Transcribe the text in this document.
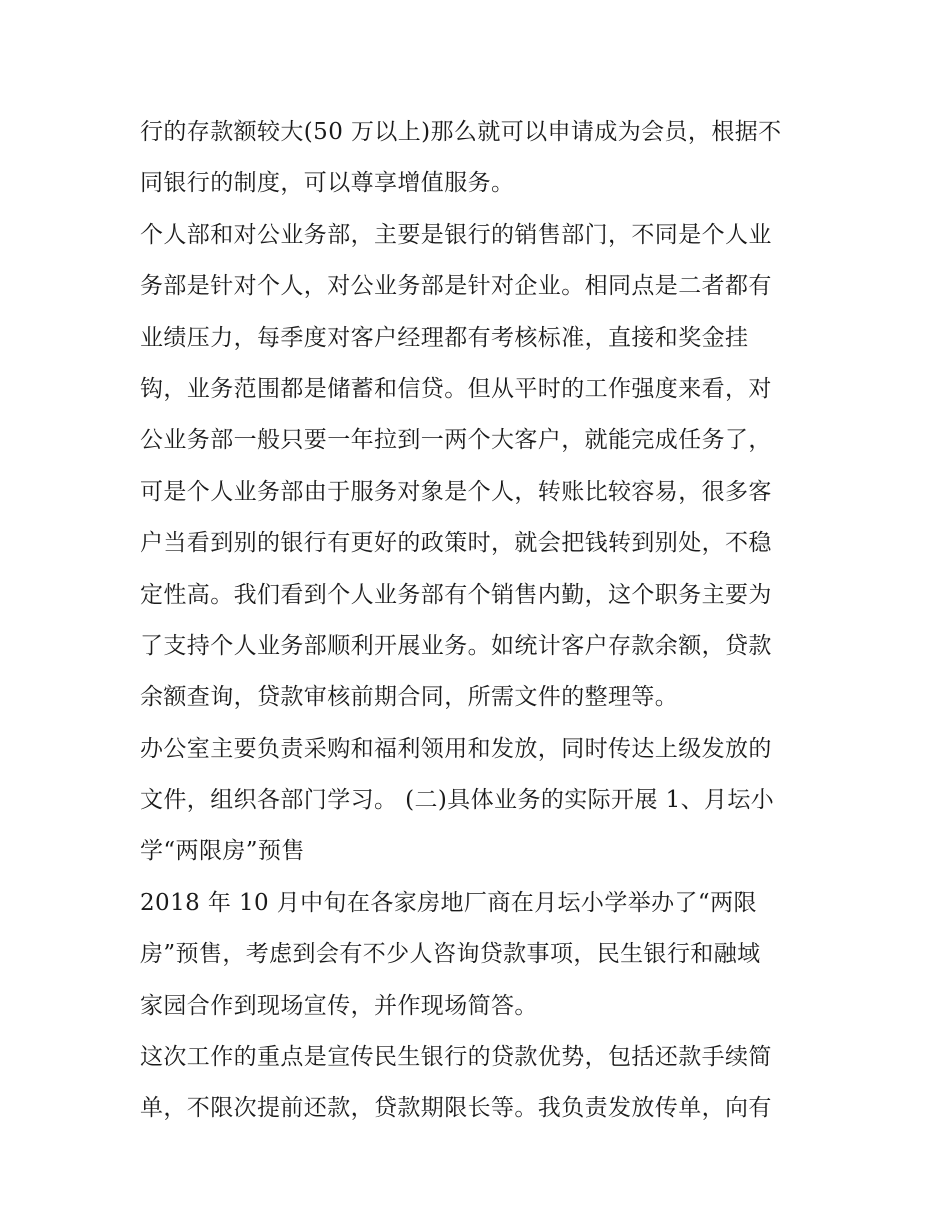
行的存款额较大(50 万以上)那么就可以申请成为会员，根据不
同银行的制度，可以尊享增值服务。
个人部和对公业务部，主要是银行的销售部门，不同是个人业
务部是针对个人，对公业务部是针对企业。相同点是二者都有
业绩压力，每季度对客户经理都有考核标准，直接和奖金挂
钩，业务范围都是储蓄和信贷。但从平时的工作强度来看，对
公业务部一般只要一年拉到一两个大客户，就能完成任务了，
可是个人业务部由于服务对象是个人，转账比较容易，很多客
户当看到别的银行有更好的政策时，就会把钱转到别处，不稳
定性高。我们看到个人业务部有个销售内勤，这个职务主要为
了支持个人业务部顺利开展业务。如统计客户存款余额，贷款
余额查询，贷款审核前期合同，所需文件的整理等。
办公室主要负责采购和福利领用和发放，同时传达上级发放的
文件，组织各部门学习。 (二)具体业务的实际开展 1、月坛小
学“两限房”预售
2018 年 10 月中旬在各家房地厂商在月坛小学举办了“两限
房”预售，考虑到会有不少人咨询贷款事项，民生银行和融域
家园合作到现场宣传，并作现场简答。
这次工作的重点是宣传民生银行的贷款优势，包括还款手续简
单，不限次提前还款，贷款期限长等。我负责发放传单，向有
